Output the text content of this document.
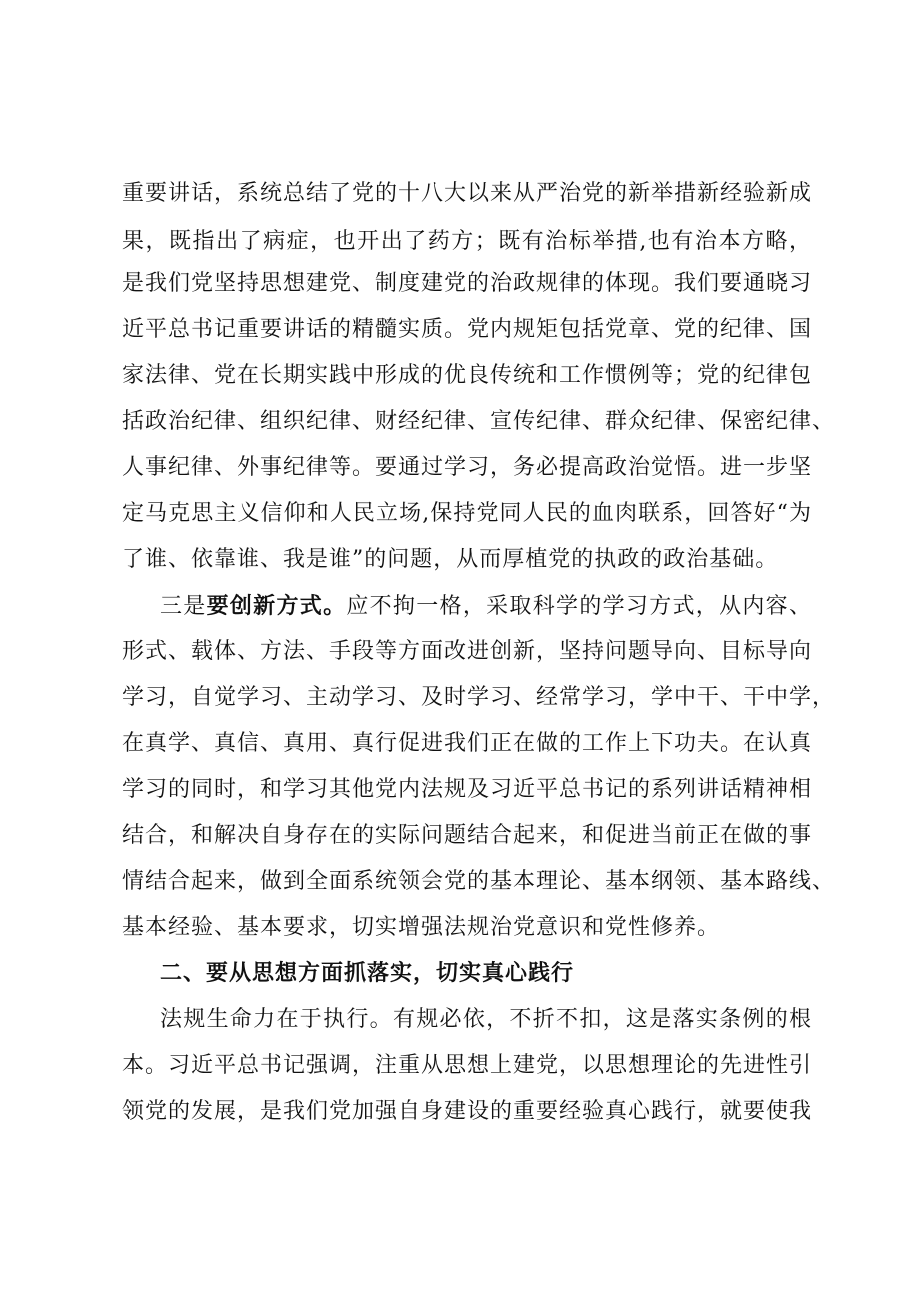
重要讲话，系统总结了党的十八大以来从严治党的新举措新经验新成
果，既指出了病症，也开出了药方；既有治标举措,也有治本方略，
是我们党坚持思想建党、制度建党的治政规律的体现。我们要通晓习
近平总书记重要讲话的精髓实质。党内规矩包括党章、党的纪律、国
家法律、党在长期实践中形成的优良传统和工作惯例等；党的纪律包
括政治纪律、组织纪律、财经纪律、宣传纪律、群众纪律、保密纪律、
人事纪律、外事纪律等。要通过学习，务必提高政治觉悟。进一步坚
定马克思主义信仰和人民立场,保持党同人民的血肉联系，回答好“为
了谁、依靠谁、我是谁”的问题，从而厚植党的执政的政治基础。
三是要创新方式。应不拘一格，采取科学的学习方式，从内容、
形式、载体、方法、手段等方面改进创新，坚持问题导向、目标导向
学习，自觉学习、主动学习、及时学习、经常学习，学中干、干中学，
在真学、真信、真用、真行促进我们正在做的工作上下功夫。在认真
学习的同时，和学习其他党内法规及习近平总书记的系列讲话精神相
结合，和解决自身存在的实际问题结合起来，和促进当前正在做的事
情结合起来，做到全面系统领会党的基本理论、基本纲领、基本路线、
基本经验、基本要求，切实增强法规治党意识和党性修养。
二、要从思想方面抓落实，切实真心践行
法规生命力在于执行。有规必依，不折不扣，这是落实条例的根
本。习近平总书记强调，注重从思想上建党，以思想理论的先进性引
领党的发展，是我们党加强自身建设的重要经验真心践行，就要使我
